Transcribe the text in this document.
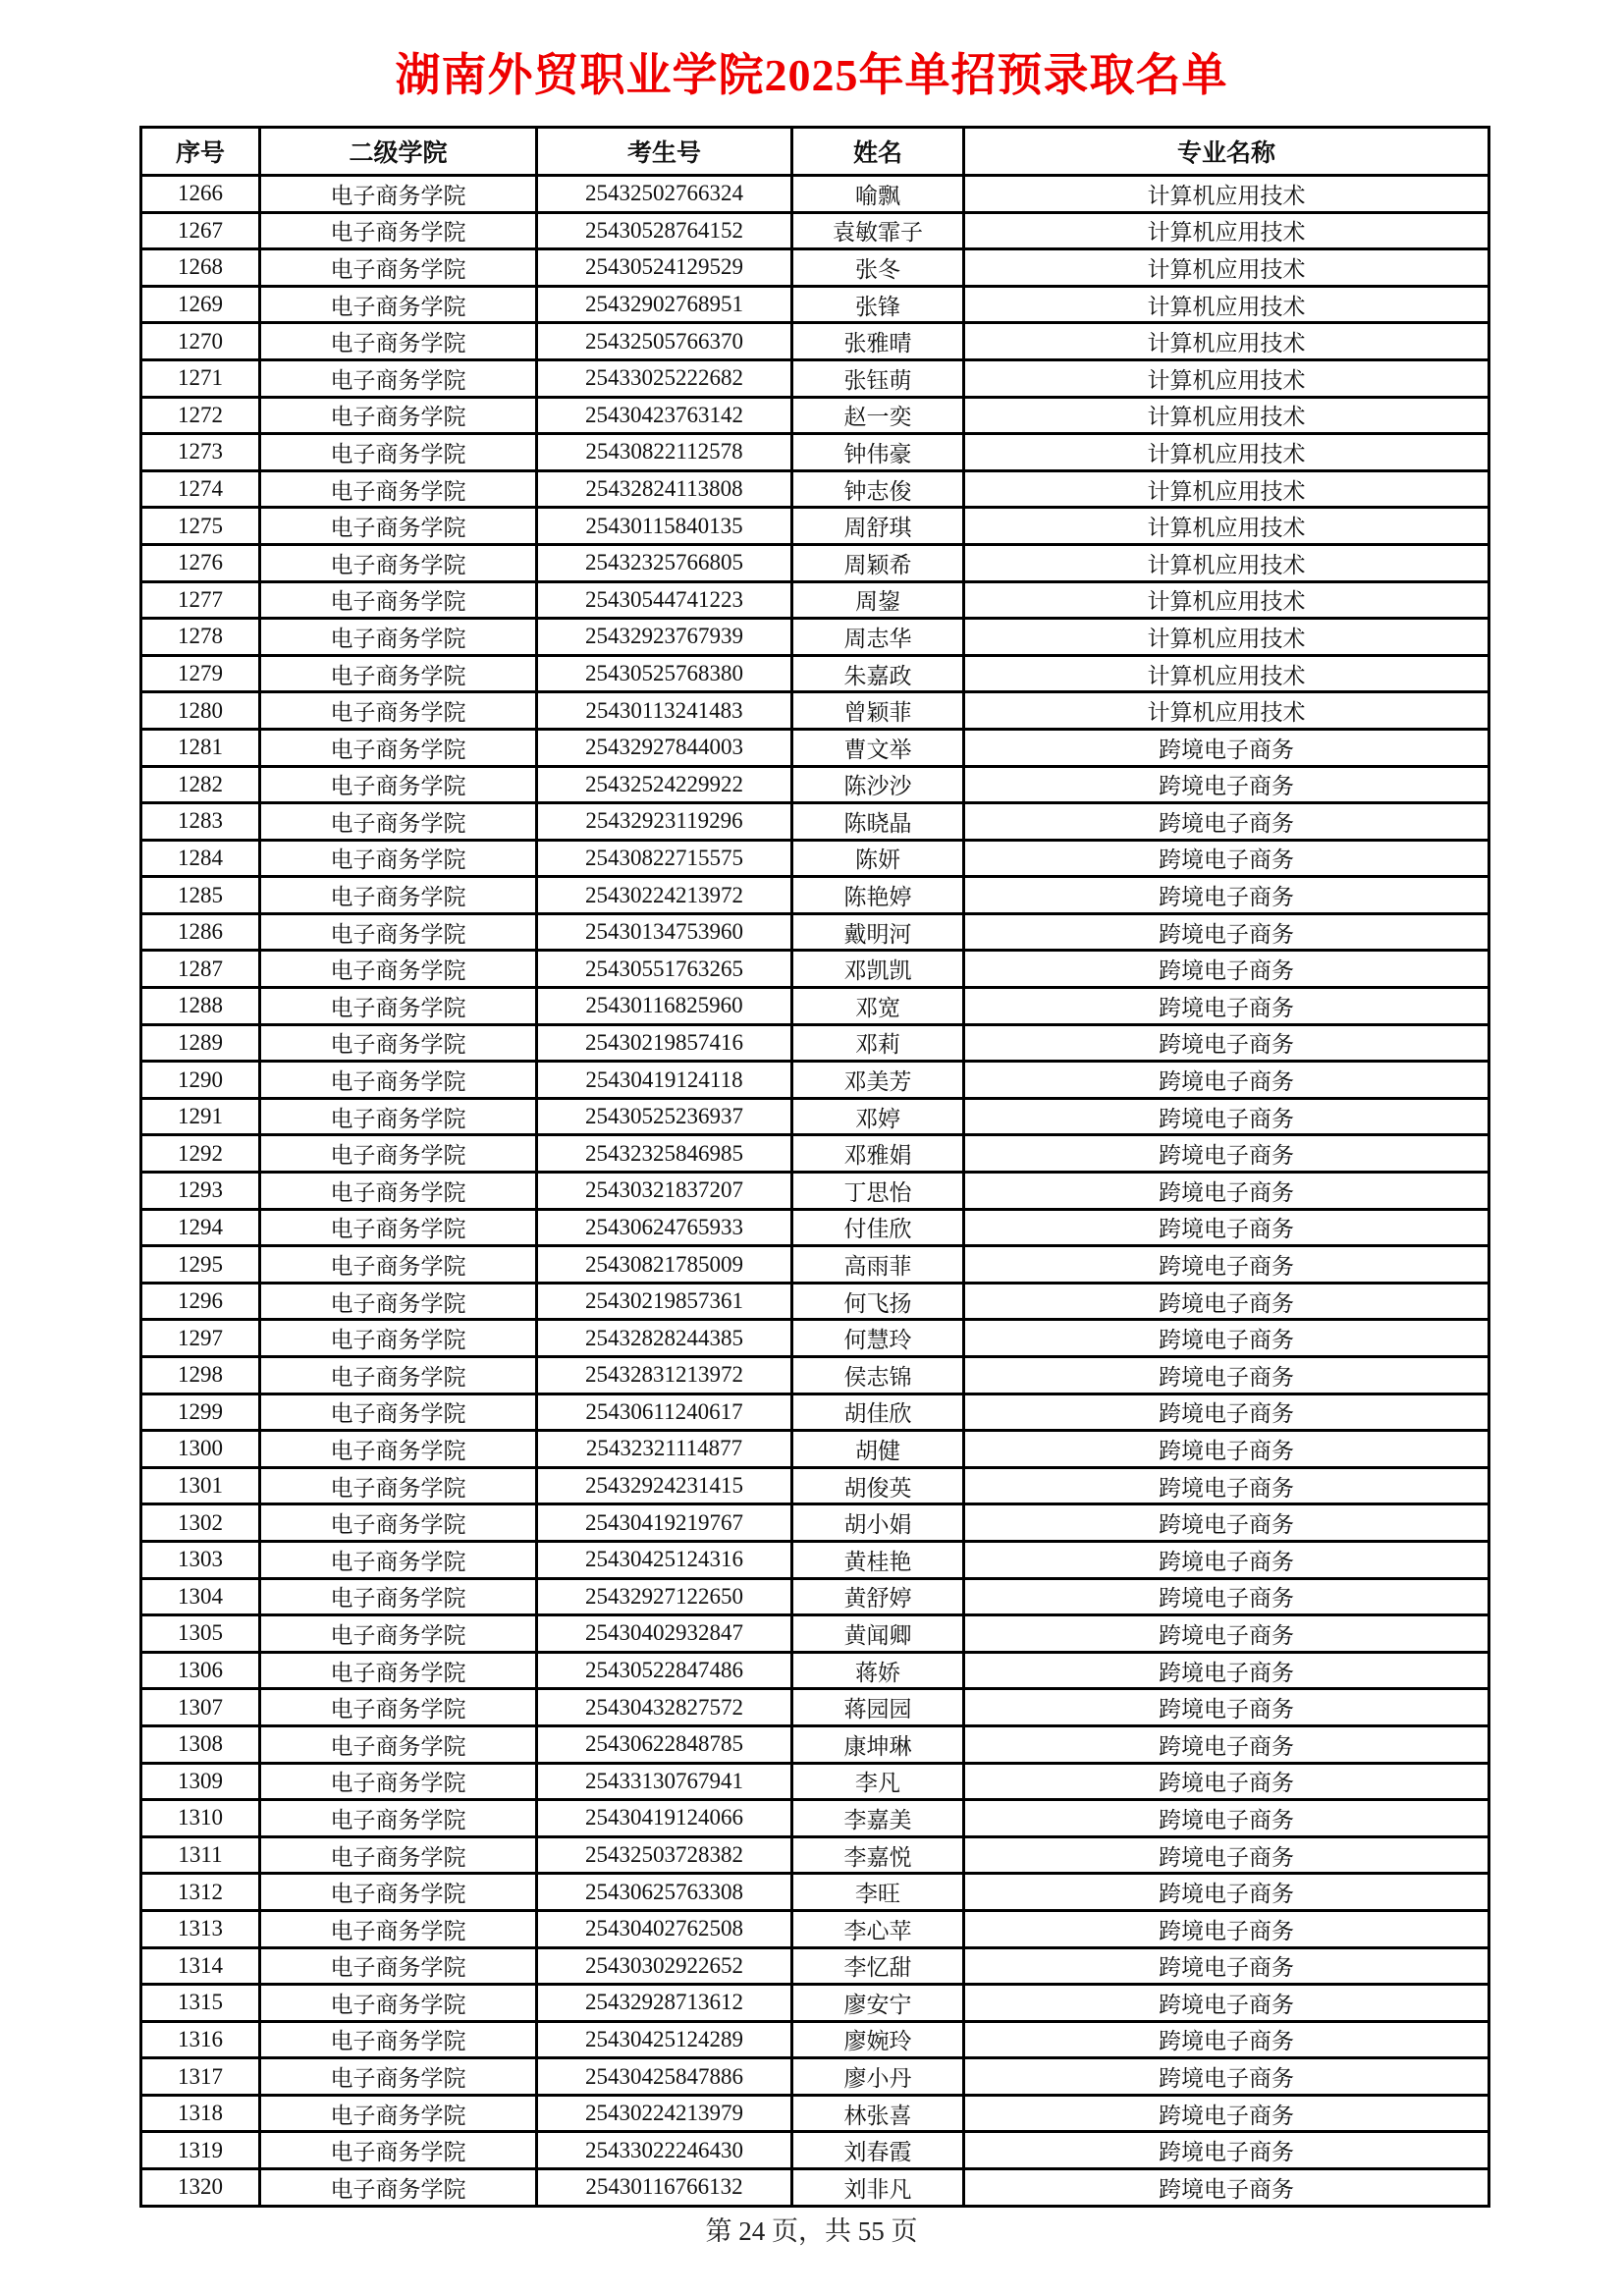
湖南外贸职业学院2025年单招预录取名单
序号	二级学院	考生号	姓名	专业名称
1266	电子商务学院	25432502766324	喻飘	计算机应用技术
1267	电子商务学院	25430528764152	袁敏霏子	计算机应用技术
1268	电子商务学院	25430524129529	张冬	计算机应用技术
1269	电子商务学院	25432902768951	张锋	计算机应用技术
1270	电子商务学院	25432505766370	张雅晴	计算机应用技术
1271	电子商务学院	25433025222682	张钰萌	计算机应用技术
1272	电子商务学院	25430423763142	赵一奕	计算机应用技术
1273	电子商务学院	25430822112578	钟伟豪	计算机应用技术
1274	电子商务学院	25432824113808	钟志俊	计算机应用技术
1275	电子商务学院	25430115840135	周舒琪	计算机应用技术
1276	电子商务学院	25432325766805	周颖希	计算机应用技术
1277	电子商务学院	25430544741223	周鋆	计算机应用技术
1278	电子商务学院	25432923767939	周志华	计算机应用技术
1279	电子商务学院	25430525768380	朱嘉政	计算机应用技术
1280	电子商务学院	25430113241483	曾颖菲	计算机应用技术
1281	电子商务学院	25432927844003	曹文举	跨境电子商务
1282	电子商务学院	25432524229922	陈沙沙	跨境电子商务
1283	电子商务学院	25432923119296	陈晓晶	跨境电子商务
1284	电子商务学院	25430822715575	陈妍	跨境电子商务
1285	电子商务学院	25430224213972	陈艳婷	跨境电子商务
1286	电子商务学院	25430134753960	戴明河	跨境电子商务
1287	电子商务学院	25430551763265	邓凯凯	跨境电子商务
1288	电子商务学院	25430116825960	邓宽	跨境电子商务
1289	电子商务学院	25430219857416	邓莉	跨境电子商务
1290	电子商务学院	25430419124118	邓美芳	跨境电子商务
1291	电子商务学院	25430525236937	邓婷	跨境电子商务
1292	电子商务学院	25432325846985	邓雅娟	跨境电子商务
1293	电子商务学院	25430321837207	丁思怡	跨境电子商务
1294	电子商务学院	25430624765933	付佳欣	跨境电子商务
1295	电子商务学院	25430821785009	高雨菲	跨境电子商务
1296	电子商务学院	25430219857361	何飞扬	跨境电子商务
1297	电子商务学院	25432828244385	何慧玲	跨境电子商务
1298	电子商务学院	25432831213972	侯志锦	跨境电子商务
1299	电子商务学院	25430611240617	胡佳欣	跨境电子商务
1300	电子商务学院	25432321114877	胡健	跨境电子商务
1301	电子商务学院	25432924231415	胡俊英	跨境电子商务
1302	电子商务学院	25430419219767	胡小娟	跨境电子商务
1303	电子商务学院	25430425124316	黄桂艳	跨境电子商务
1304	电子商务学院	25432927122650	黄舒婷	跨境电子商务
1305	电子商务学院	25430402932847	黄闻卿	跨境电子商务
1306	电子商务学院	25430522847486	蒋娇	跨境电子商务
1307	电子商务学院	25430432827572	蒋园园	跨境电子商务
1308	电子商务学院	25430622848785	康坤琳	跨境电子商务
1309	电子商务学院	25433130767941	李凡	跨境电子商务
1310	电子商务学院	25430419124066	李嘉美	跨境电子商务
1311	电子商务学院	25432503728382	李嘉悦	跨境电子商务
1312	电子商务学院	25430625763308	李旺	跨境电子商务
1313	电子商务学院	25430402762508	李心苹	跨境电子商务
1314	电子商务学院	25430302922652	李忆甜	跨境电子商务
1315	电子商务学院	25432928713612	廖安宁	跨境电子商务
1316	电子商务学院	25430425124289	廖婉玲	跨境电子商务
1317	电子商务学院	25430425847886	廖小丹	跨境电子商务
1318	电子商务学院	25430224213979	林张喜	跨境电子商务
1319	电子商务学院	25433022246430	刘春霞	跨境电子商务
1320	电子商务学院	25430116766132	刘非凡	跨境电子商务
第 24 页，共 55 页
